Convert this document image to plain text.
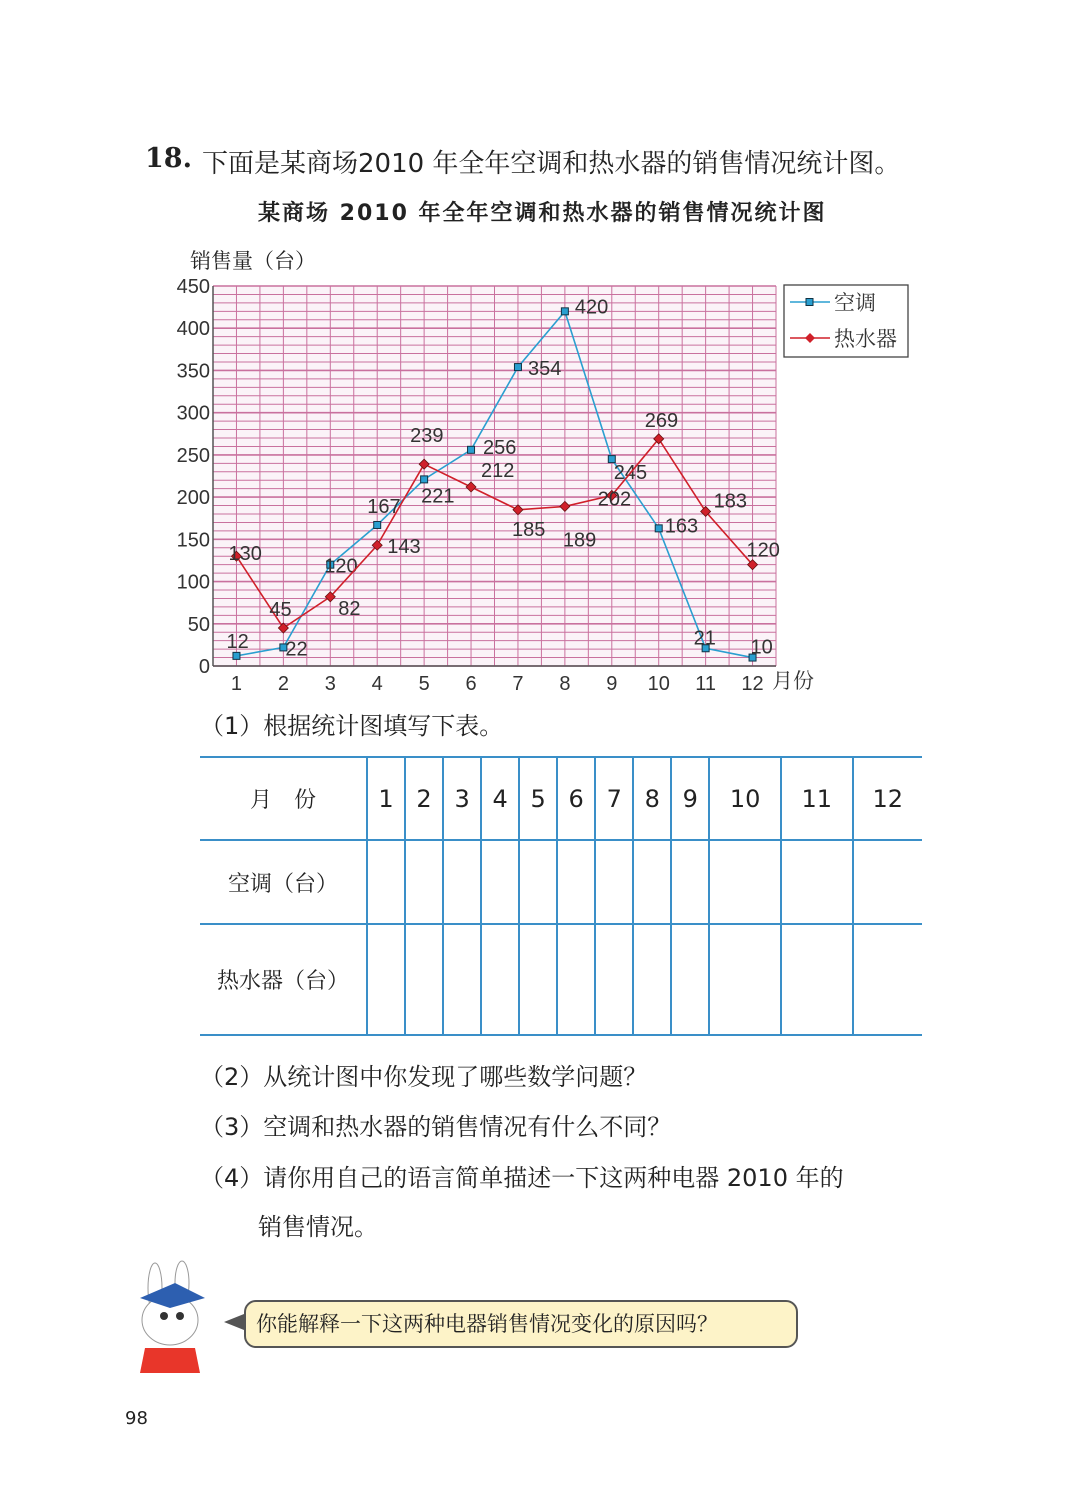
18. 下面是某商场2010 年全年空调和热水器的销售情况统计图。
某商场 2010 年全年空调和热水器的销售情况统计图
销售量（台）
0
50
100
150
200
250
300
350
400
450
1 2 3 4 5 6 7 8 9 10 11 12 月份
12 22
120
167 221
256
354
420
245
163
21 10
130
45 82
143
239
212
185 189
202
269
183
120
空调
热水器
（1）根据统计图填写下表。
月　份	1	2	3	4	5	6	7	8	9	10	11	12
空调（台）												
热水器（台）												
（2）从统计图中你发现了哪些数学问题？
（3）空调和热水器的销售情况有什么不同？
（4）请你用自己的语言简单描述一下这两种电器 2010 年的
销售情况。
你能解释一下这两种电器销售情况变化的原因吗？
98
